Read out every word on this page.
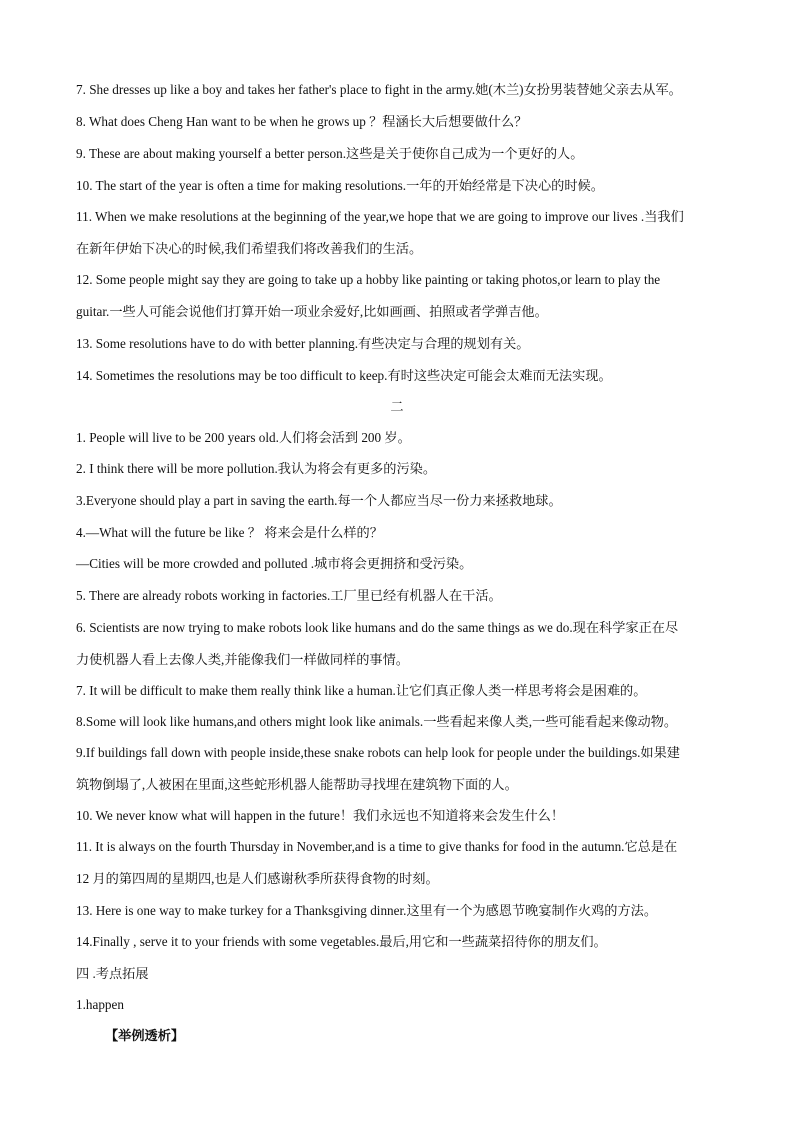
7. She dresses up like a boy and takes her father's place to fight in the army.她(木兰)女扮男装替她父亲去从军。
8. What does Cheng Han want to be when he grows up ？程涵长大后想要做什么？
9. These are about making yourself a better person.这些是关于使你自己成为一个更好的人。
10. The start of the year is often a time for making resolutions.一年的开始经常是下决心的时候。
11. When we make resolutions at the beginning of the year,we hope that we are going to improve our lives .当我们
在新年伊始下决心的时候,我们希望我们将改善我们的生活。
12. Some people might say they are going to take up a hobby like painting or taking photos,or learn to play the
guitar.一些人可能会说他们打算开始一项业余爱好,比如画画、拍照或者学弹吉他。
13. Some resolutions have to do with better planning.有些决定与合理的规划有关。
14. Sometimes the resolutions may be too difficult to keep.有时这些决定可能会太难而无法实现。
二
1. People will live to be 200 years old.人们将会活到 200 岁。
2. I think there will be more pollution.我认为将会有更多的污染。
3.Everyone should play a part in saving the earth.每一个人都应当尽一份力来拯救地球。
4.—What will the future be like ？ 将来会是什么样的？
—Cities will be more crowded and polluted .城市将会更拥挤和受污染。
5. There are already robots working in factories.工厂里已经有机器人在干活。
6. Scientists are now trying to make robots look like humans and do the same things as we do.现在科学家正在尽
力使机器人看上去像人类,并能像我们一样做同样的事情。
7. It will be difficult to make them really think like a human.让它们真正像人类一样思考将会是困难的。
8.Some will look like humans,and others might look like animals.一些看起来像人类,一些可能看起来像动物。
9.If buildings fall down with people inside,these snake robots can help look for people under the buildings.如果建
筑物倒塌了,人被困在里面,这些蛇形机器人能帮助寻找埋在建筑物下面的人。
10. We never know what will happen in the future！我们永远也不知道将来会发生什么！
11. It is always on the fourth Thursday in November,and is a time to give thanks for food in the autumn.它总是在
12 月的第四周的星期四,也是人们感谢秋季所获得食物的时刻。
13. Here is one way to make turkey for a Thanksgiving dinner.这里有一个为感恩节晚宴制作火鸡的方法。
14.Finally , serve it to your friends with some vegetables.最后,用它和一些蔬菜招待你的朋友们。
四 .考点拓展
1.happen
【举例透析】
